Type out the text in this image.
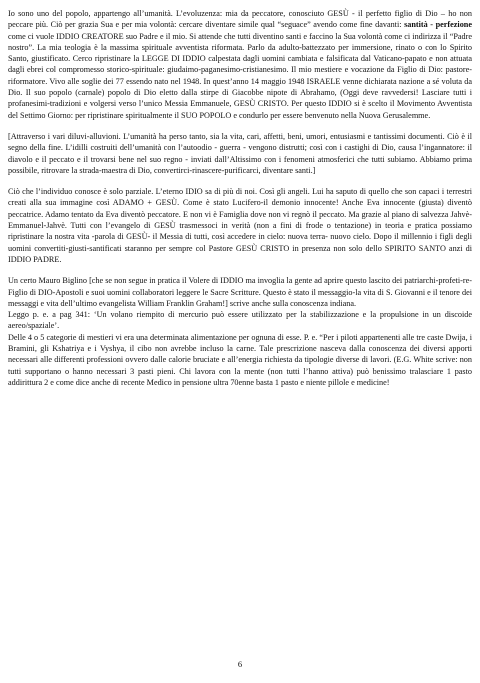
Io sono uno del popolo, appartengo all’umanità. L’evoluzenza: mia da peccatore, conosciuto GESÙ - il perfetto figlio di Dio – ho non peccare più. Ciò per grazia Sua e per mia volontà: cercare diventare simile qual “seguace” avendo come fine davanti: santità - perfezione come ci vuole IDDIO CREATORE suo Padre e il mio. Si attende che tutti diventino santi e faccino la Sua volontà come ci indirizza il “Padre nostro”. La mia teologia è la massima spirituale avventista riformata. Parlo da adulto-battezzato per immersione, rinato o con lo Spirito Santo, giustificato. Cerco ripristinare la LEGGE DI IDDIO calpestata dagli uomini cambiata e falsificata dal Vaticano-papato e non attuata dagli ebrei col compromesso storico-spirituale: giudaimo-paganesimo-cristianesimo. Il mio mestiere e vocazione da Figlio di Dio: pastore-riformatore. Vivo alle soglie dei 77 essendo nato nel 1948. In quest’anno 14 maggio 1948 ISRAELE venne dichiarata nazione a sé voluta da Dio. Il suo popolo (carnale) popolo di Dio eletto dalla stirpe di Giacobbe nipote di Abrahamo, (Oggi deve ravvedersi! Lasciare tutti i profanesimi-tradizioni e volgersi verso l’unico Messia Emmanuele, GESÙ CRISTO. Per questo IDDIO si è scelto il Movimento Avventista del Settimo Giorno: per ripristinare spiritualmente il SUO POPOLO e condurlo per essere benvenuto nella Nuova Gerusalemme.

[Attraverso i vari diluvi-alluvioni. L’umanità ha perso tanto, sia la vita, cari, affetti, beni, umori, entusiasmi e tantissimi documenti. Ciò è il segno della fine. L’idilli costruiti dell’umanità con l’autoodio - guerra - vengono distrutti; così con i castighi di Dio, causa l’ingannatore: il diavolo e il peccato e il trovarsi bene nel suo regno - inviati dall’Altissimo con i fenomeni atmosferici che tutti subiamo. Abbiamo prima possibile, ritrovare la strada-maestra di Dio, convertirci-rinascere-purificarci, diventare santi.]

Ciò che l’individuo conosce è solo parziale. L’eterno IDIO sa di più di noi. Così gli angeli. Lui ha saputo di quello che son capaci i terrestri creati alla sua immagine così ADAMO + GESÙ. Come è stato Lucifero-il demonio innocente! Anche Eva innocente (giusta) diventò peccatrice. Adamo tentato da Eva diventò peccatore. E non vi è Famiglia dove non vi regnò il peccato. Ma grazie al piano di salvezza Jahvè-Emmanuel-Jahvè. Tutti con l’evangelo di GESÙ trasmessoci in verità (non a fini di frode o tentazione) in teoria e pratica possiamo ripristinare la nostra vita -parola di GESÙ- il Messia di tutti, così accedere in cielo: nuova terra- nuovo cielo. Dopo il millennio i figli degli uomini convertiti-giusti-santificati staranno per sempre col Pastore GESÙ CRISTO in presenza non solo dello SPIRITO SANTO anzi di IDDIO PADRE.

Un certo Mauro Biglino [che se non segue in pratica il Volere di IDDIO ma invoglia la gente ad aprire questo lascito dei patriarchi-profeti-re-Figlio di DIO-Apostoli e suoi uomini collaboratori leggere le Sacre Scritture. Questo è stato il messaggio-la vita di S. Giovanni e il tenore dei messaggi e vita dell’ultimo evangelista William Franklin Graham!] scrive anche sulla conoscenza indiana.

Leggo p. e. a pag 341: ‘Un volano riempito di mercurio può essere utilizzato per la stabilizzazione e la propulsione in un discoide aereo/spaziale’.

Delle 4 o 5 categorie di mestieri vi era una determinata alimentazione per ognuna di esse. P. e. “Per i piloti appartenenti alle tre caste Dwija, i Bramini, gli Kshatriya e i Vyshya, il cibo non avrebbe incluso la carne. Tale prescrizione nasceva dalla conoscenza dei diversi apporti necessari alle differenti professioni ovvero dalle calorie bruciate e all’energia richiesta da tipologie diverse di lavori. (E.G. White scrive: non tutti supportano o hanno necessari 3 pasti pieni. Chi lavora con la mente (non tutti l’hanno attiva) può benissimo tralasciare 1 pasto addirittura 2 e come dice anche di recente Medico in pensione ultra 70enne basta 1 pasto e niente pillole e medicine!

6
